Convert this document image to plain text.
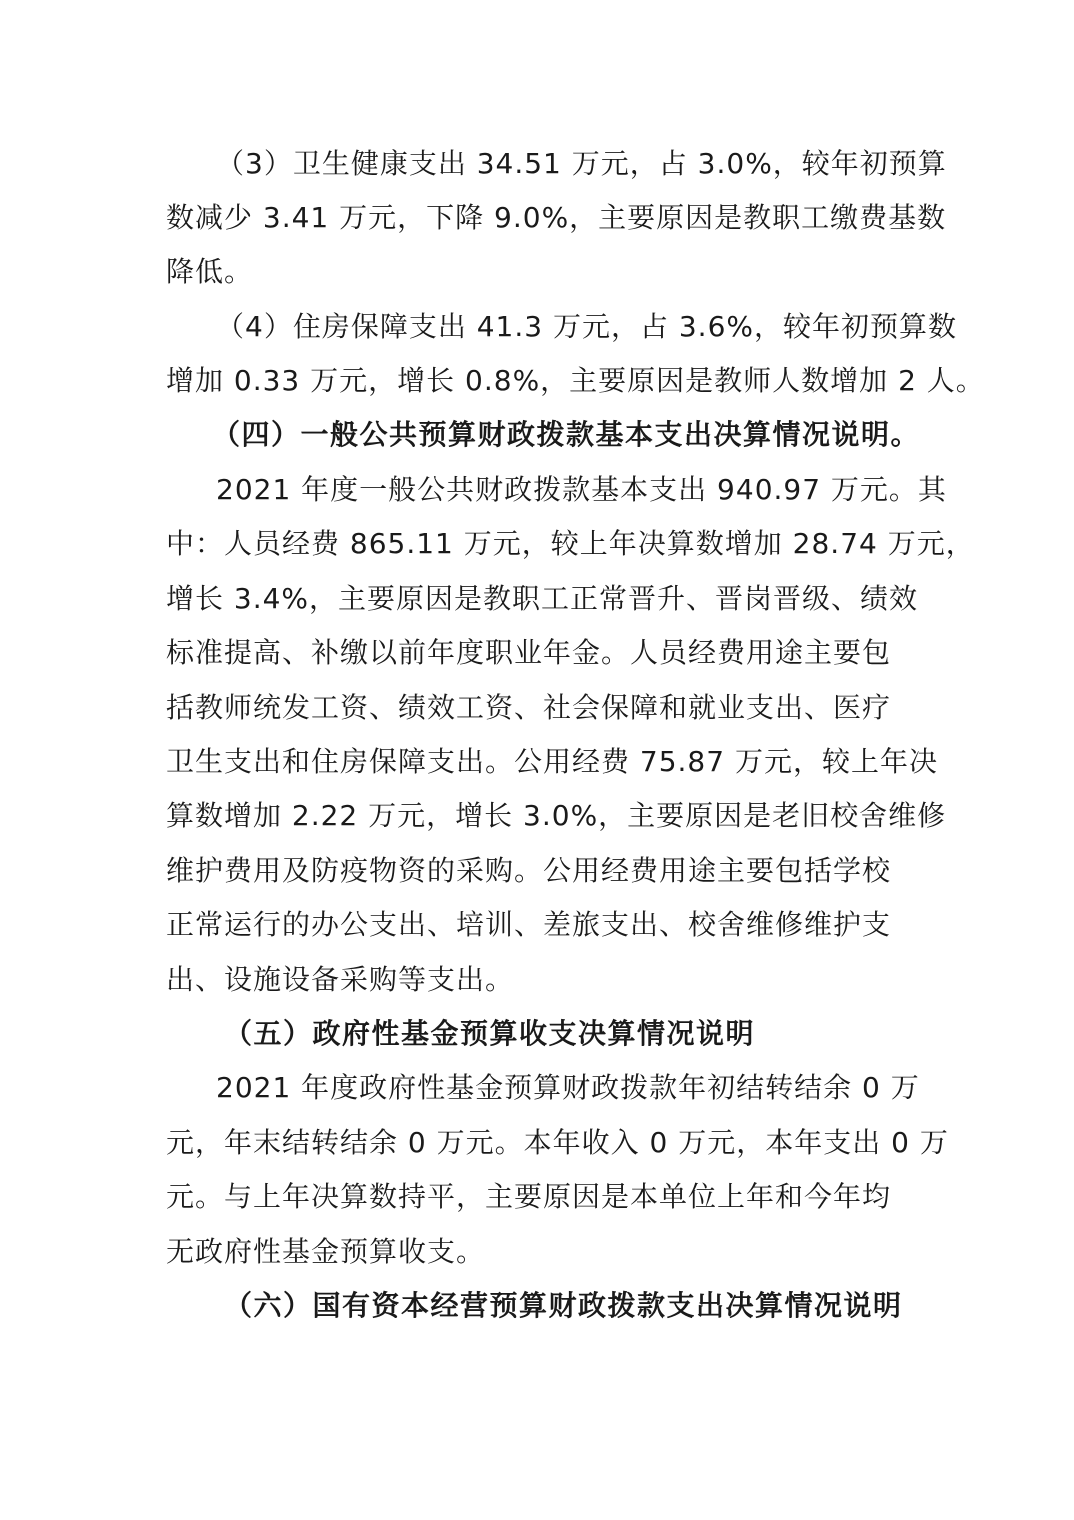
（3）卫生健康支出 34.51 万元，占 3.0%，较年初预算
数减少 3.41 万元，下降 9.0%，主要原因是教职工缴费基数
降低。
（4）住房保障支出 41.3 万元，占 3.6%，较年初预算数
增加 0.33 万元，增长 0.8%，主要原因是教师人数增加 2 人。
（四）一般公共预算财政拨款基本支出决算情况说明。
2021 年度一般公共财政拨款基本支出 940.97 万元。其
中：人员经费 865.11 万元，较上年决算数增加 28.74 万元，
增长 3.4%，主要原因是教职工正常晋升、晋岗晋级、绩效
标准提高、补缴以前年度职业年金。人员经费用途主要包
括教师统发工资、绩效工资、社会保障和就业支出、医疗
卫生支出和住房保障支出。公用经费 75.87 万元，较上年决
算数增加 2.22 万元，增长 3.0%，主要原因是老旧校舍维修
维护费用及防疫物资的采购。公用经费用途主要包括学校
正常运行的办公支出、培训、差旅支出、校舍维修维护支
出、设施设备采购等支出。
（五）政府性基金预算收支决算情况说明
2021 年度政府性基金预算财政拨款年初结转结余 0 万
元，年末结转结余 0 万元。本年收入 0 万元，本年支出 0 万
元。与上年决算数持平，主要原因是本单位上年和今年均
无政府性基金预算收支。
（六）国有资本经营预算财政拨款支出决算情况说明
